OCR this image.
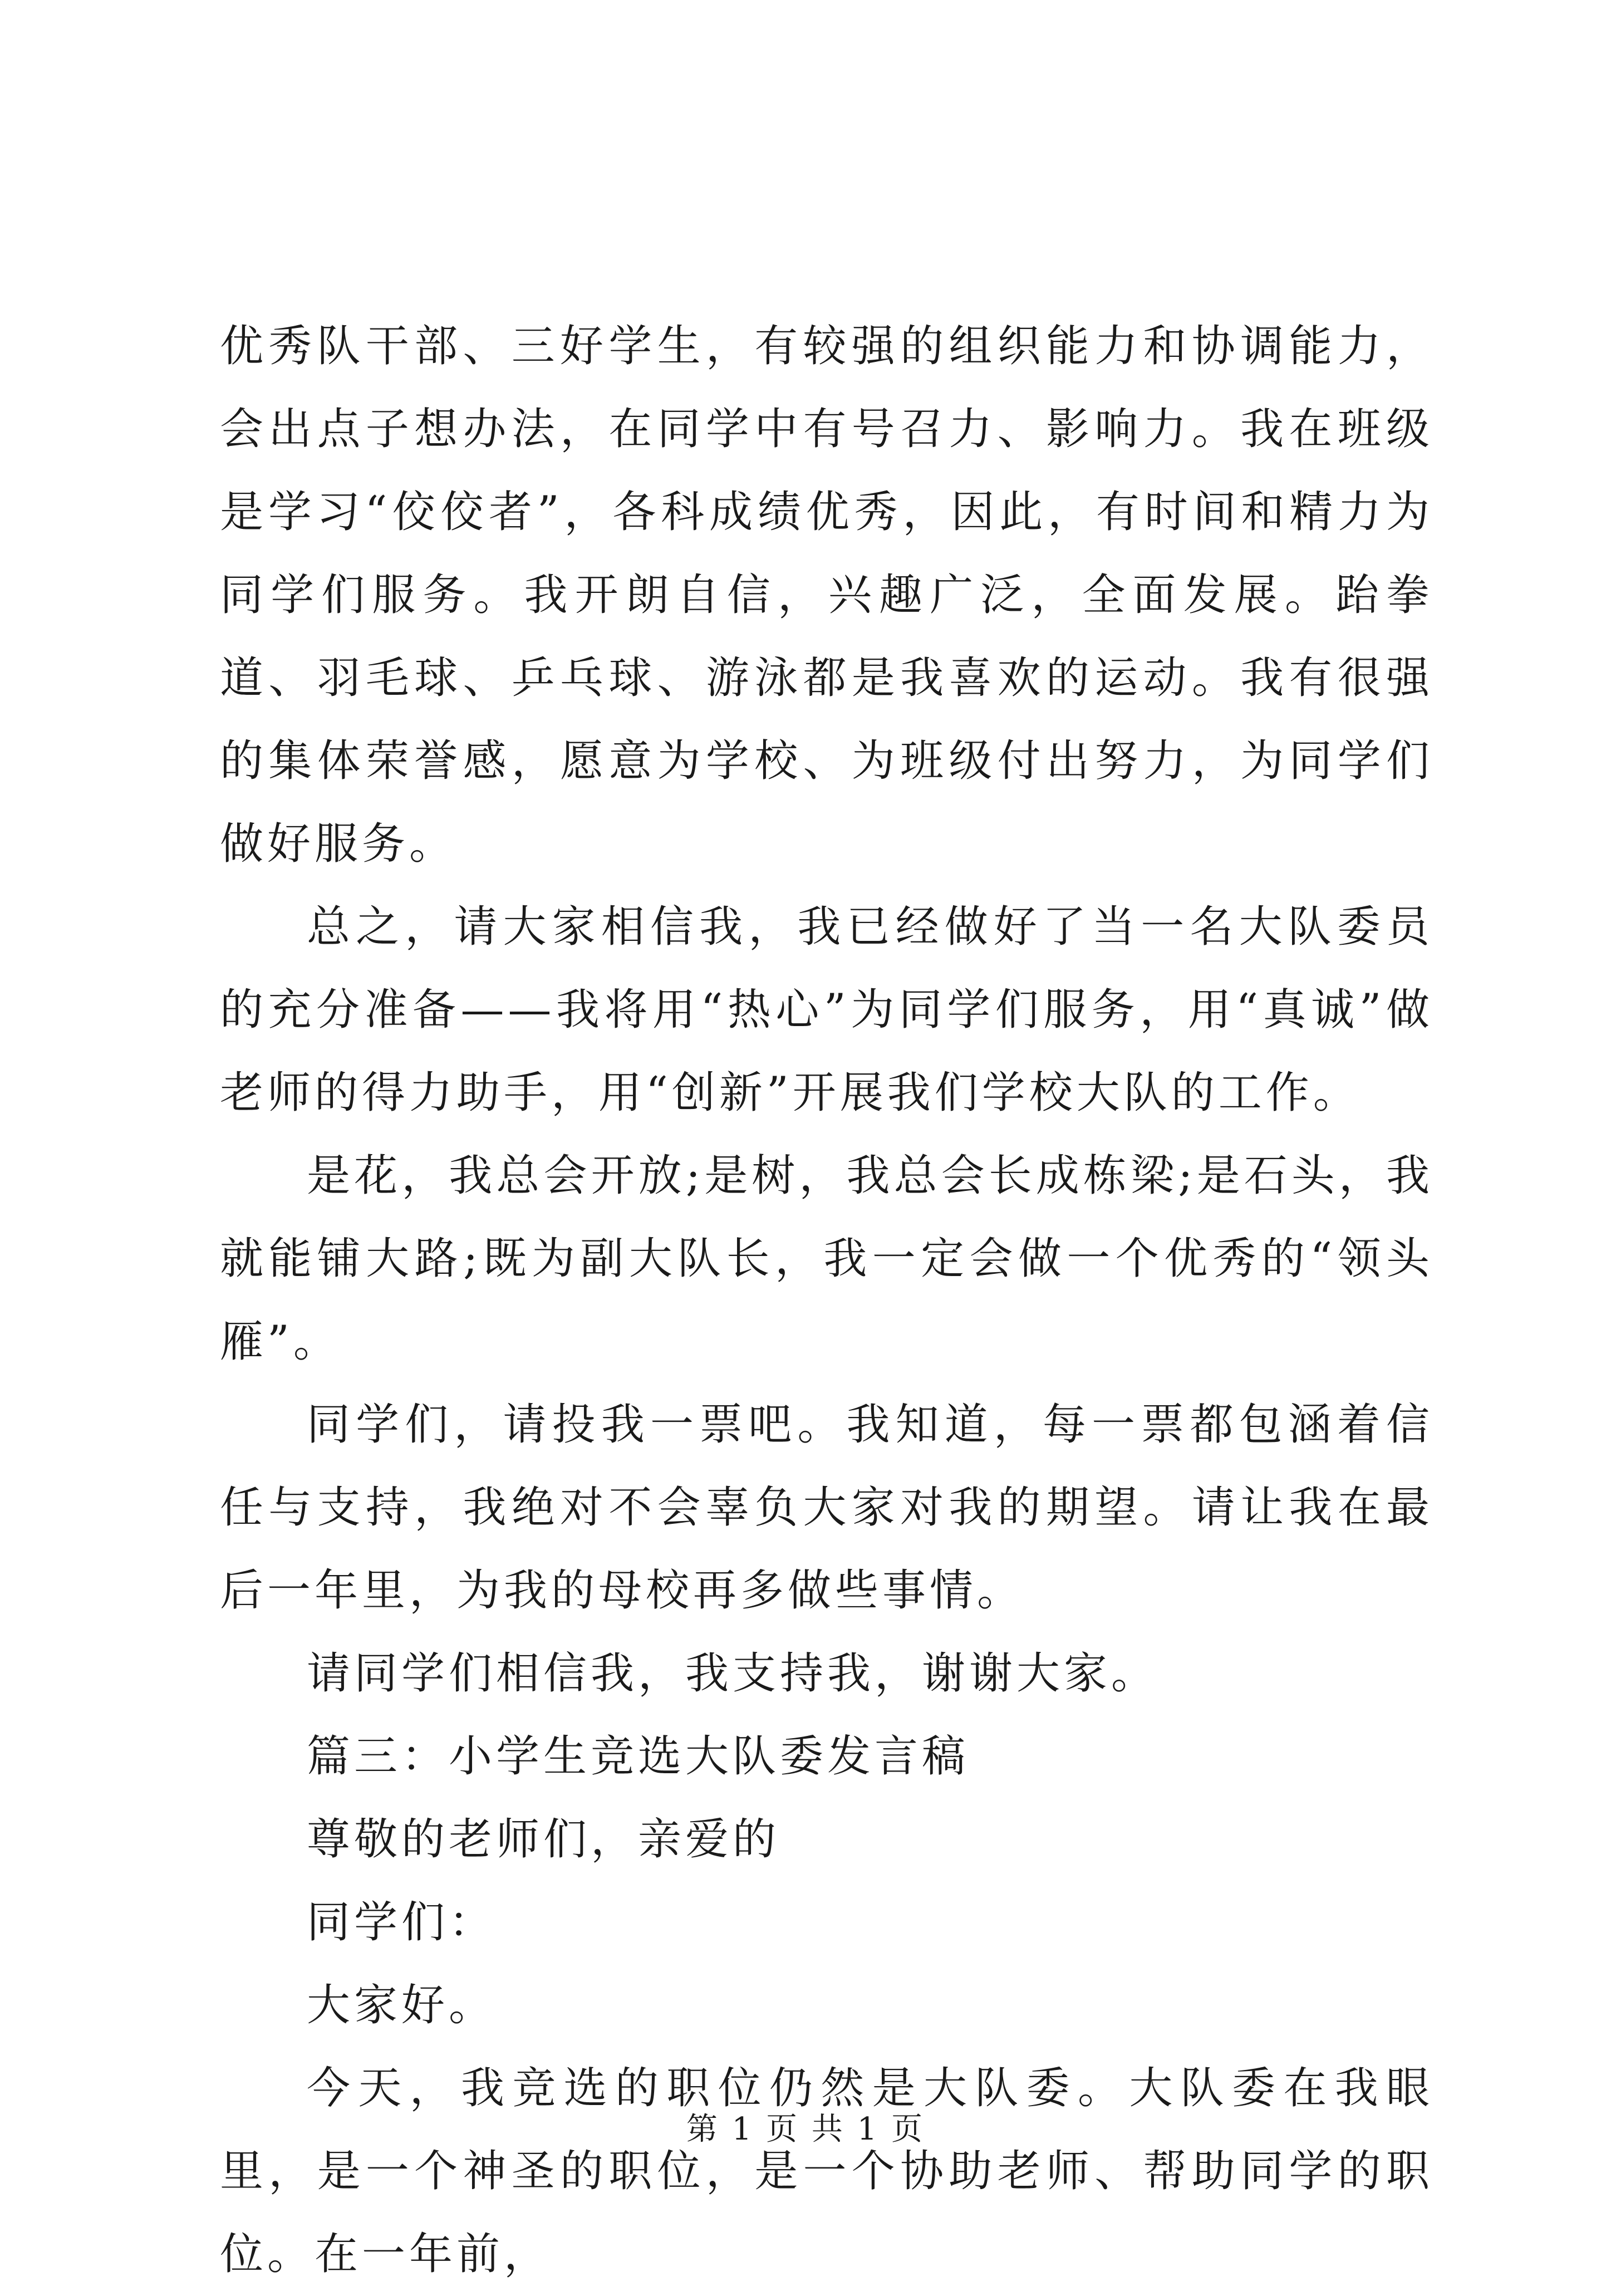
优秀队干部、三好学生，有较强的组织能力和协调能力，会出点子想办法，在同学中有号召力、影响力。我在班级是学习“佼佼者”，各科成绩优秀，因此，有时间和精力为同学们服务。我开朗自信，兴趣广泛，全面发展。跆拳道、羽毛球、乒乓球、游泳都是我喜欢的运动。我有很强的集体荣誉感，愿意为学校、为班级付出努力，为同学们做好服务。

总之，请大家相信我，我已经做好了当一名大队委员的充分准备——我将用“热心”为同学们服务，用“真诚”做老师的得力助手，用“创新”开展我们学校大队的工作。

是花，我总会开放;是树，我总会长成栋梁;是石头，我就能铺大路;既为副大队长，我一定会做一个优秀的“领头雁”。

同学们，请投我一票吧。我知道，每一票都包涵着信任与支持，我绝对不会辜负大家对我的期望。请让我在最后一年里，为我的母校再多做些事情。

请同学们相信我，我支持我，谢谢大家。

篇三：小学生竞选大队委发言稿

尊敬的老师们，亲爱的

同学们：

大家好。

今天，我竞选的职位仍然是大队委。大队委在我眼里，是一个神圣的职位，是一个协助老师、帮助同学的职位。在一年前，

第 1 页 共 1 页
